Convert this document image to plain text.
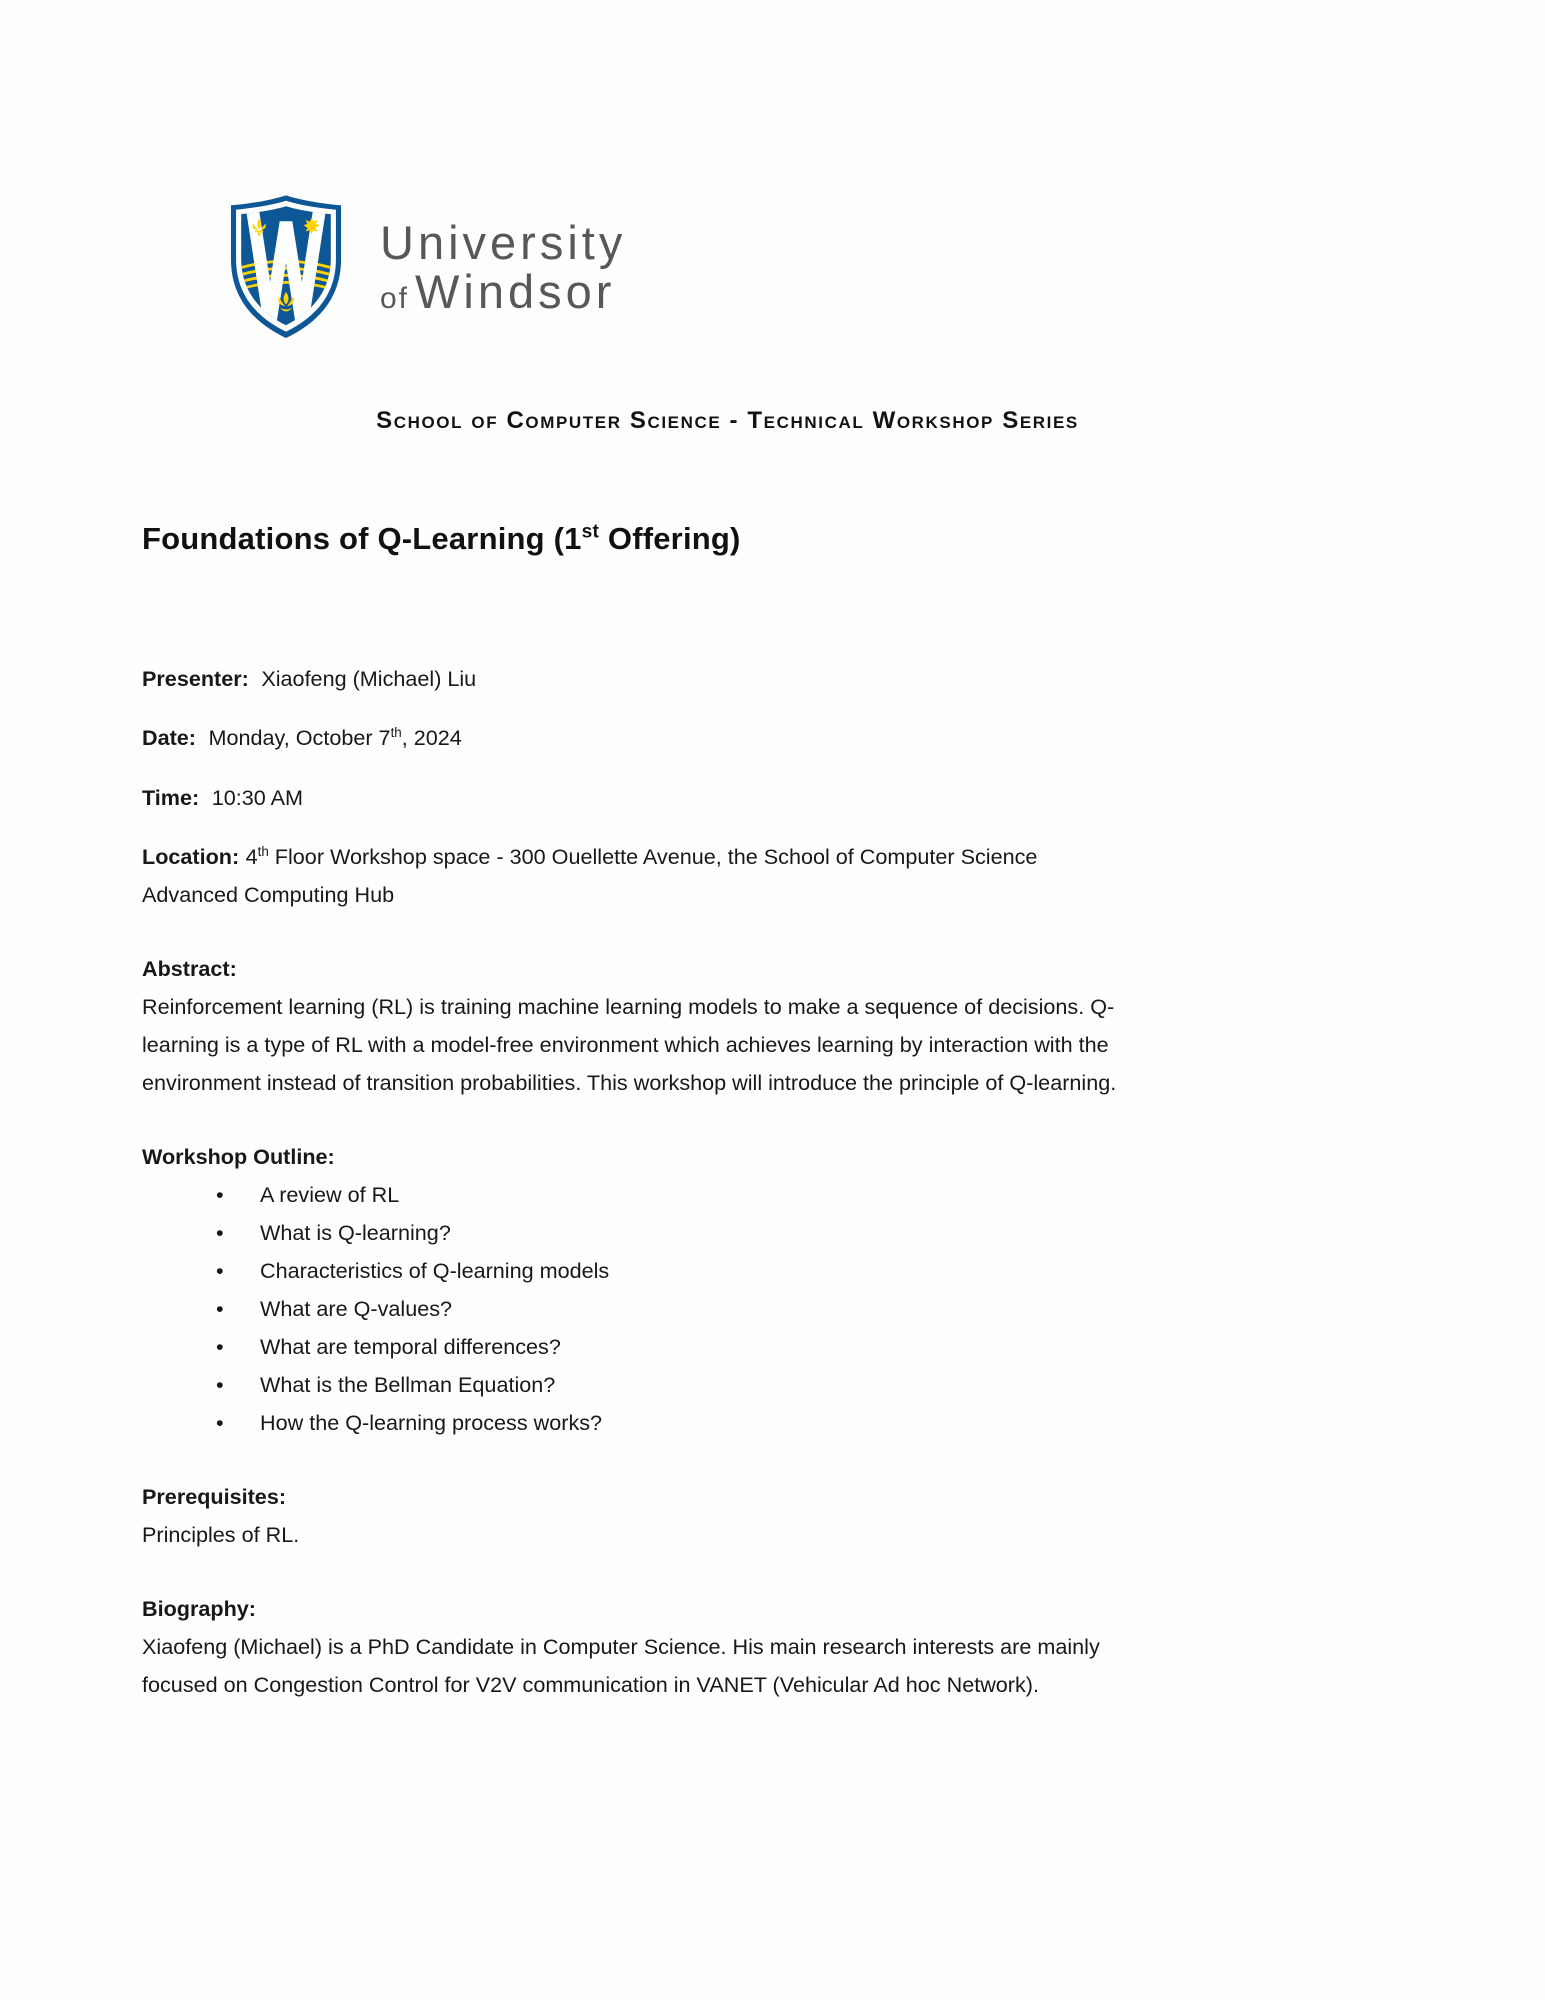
University
of Windsor
School of Computer Science - Technical Workshop Series
Foundations of Q-Learning (1st Offering)

Presenter: Xiaofeng (Michael) Liu

Date: Monday, October 7th, 2024

Time: 10:30 AM

Location: 4th Floor Workshop space - 300 Ouellette Avenue, the School of Computer Science Advanced Computing Hub

Abstract:

Reinforcement learning (RL) is training machine learning models to make a sequence of decisions. Q-learning is a type of RL with a model-free environment which achieves learning by interaction with the environment instead of transition probabilities. This workshop will introduce the principle of Q-learning.

Workshop Outline:
• A review of RL
• What is Q-learning?
• Characteristics of Q-learning models
• What are Q-values?
• What are temporal differences?
• What is the Bellman Equation?
• How the Q-learning process works?
Prerequisites:

Principles of RL.

Biography:

Xiaofeng (Michael) is a PhD Candidate in Computer Science. His main research interests are mainly focused on Congestion Control for V2V communication in VANET (Vehicular Ad hoc Network).
